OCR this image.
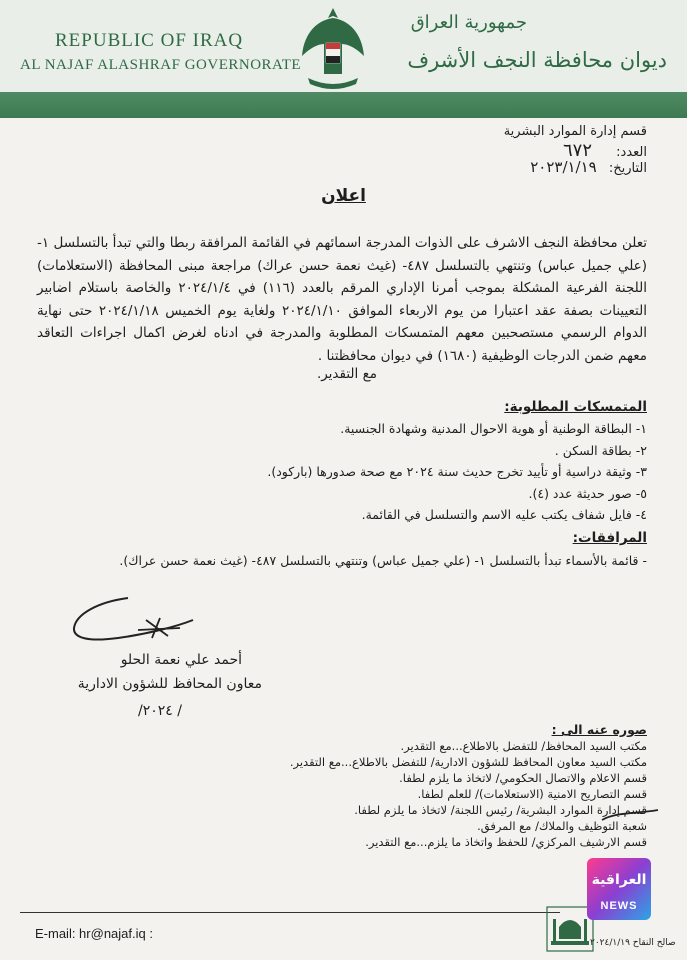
REPUBLIC OF IRAQ
AL NAJAF ALASHRAF GOVERNORATE
جمهورية العراق
ديوان محافظة النجف الأشرف
قسم إدارة الموارد البشرية
العدد: ٦٧٢
التاريخ: ٢٠٢٣/١/١٩
اعلان
تعلن محافظة النجف الاشرف على الذوات المدرجة اسمائهم في القائمة المرافقة ربطا والتي تبدأ بالتسلسل ١- (علي جميل عباس) وتنتهي بالتسلسل ٤٨٧- (غيث نعمة حسن عراك) مراجعة مبنى المحافظة (الاستعلامات) اللجنة الفرعية المشكلة بموجب أمرنا الإداري المرقم بالعدد (١١٦) في ٢٠٢٤/١/٤ والخاصة باستلام اضابير التعيينات بصفة عقد اعتبارا من يوم الاربعاء الموافق ٢٠٢٤/١/١٠ ولغاية يوم الخميس ٢٠٢٤/١/١٨ حتى نهاية الدوام الرسمي مستصحبين معهم المتمسكات المطلوبة والمدرجة في ادناه لغرض اكمال اجراءات التعاقد معهم ضمن الدرجات الوظيفية (١٦٨٠) في ديوان محافظتنا .
مع التقدير.
المتمسكات المطلوبة:
١- البطاقة الوطنية أو هوية الاحوال المدنية وشهادة الجنسية.
٢- بطاقة السكن .
٣- وثيقة دراسية أو تأييد تخرج حديث سنة ٢٠٢٤ مع صحة صدورها (باركود).
٥- صور حديثة عدد (٤).
٤- فايل شفاف يكتب عليه الاسم والتسلسل في القائمة.
المرافقات:
- قائمة بالأسماء تبدأ بالتسلسل ١- (علي جميل عباس) وتنتهي بالتسلسل ٤٨٧- (غيث نعمة حسن عراك).
أحمد علي نعمة الحلو
معاون المحافظ للشؤون الادارية
/ ٢٠٢٤/
صوره عنه الى :
مكتب السيد المحافظ/ للتفضل بالاطلاع...مع التقدير.
مكتب السيد معاون المحافظ للشؤون الادارية/ للتفضل بالاطلاع...مع التقدير.
قسم الاعلام والاتصال الحكومي/ لاتخاذ ما يلزم لطفا.
قسم التصاريح الامنية (الاستعلامات)/ للعلم لطفا.
قسم إدارة الموارد البشرية/ رئيس اللجنة/ لاتخاذ ما يلزم لطفا.
شعبة التوظيف والملاك/ مع المرفق.
قسم الارشيف المركزي/ للحفظ واتخاذ ما يلزم...مع التقدير.
E-mail: hr@najaf.iq :
صالح النقاح ٢٠٢٤/١/١٩
العراقية
NEWS
